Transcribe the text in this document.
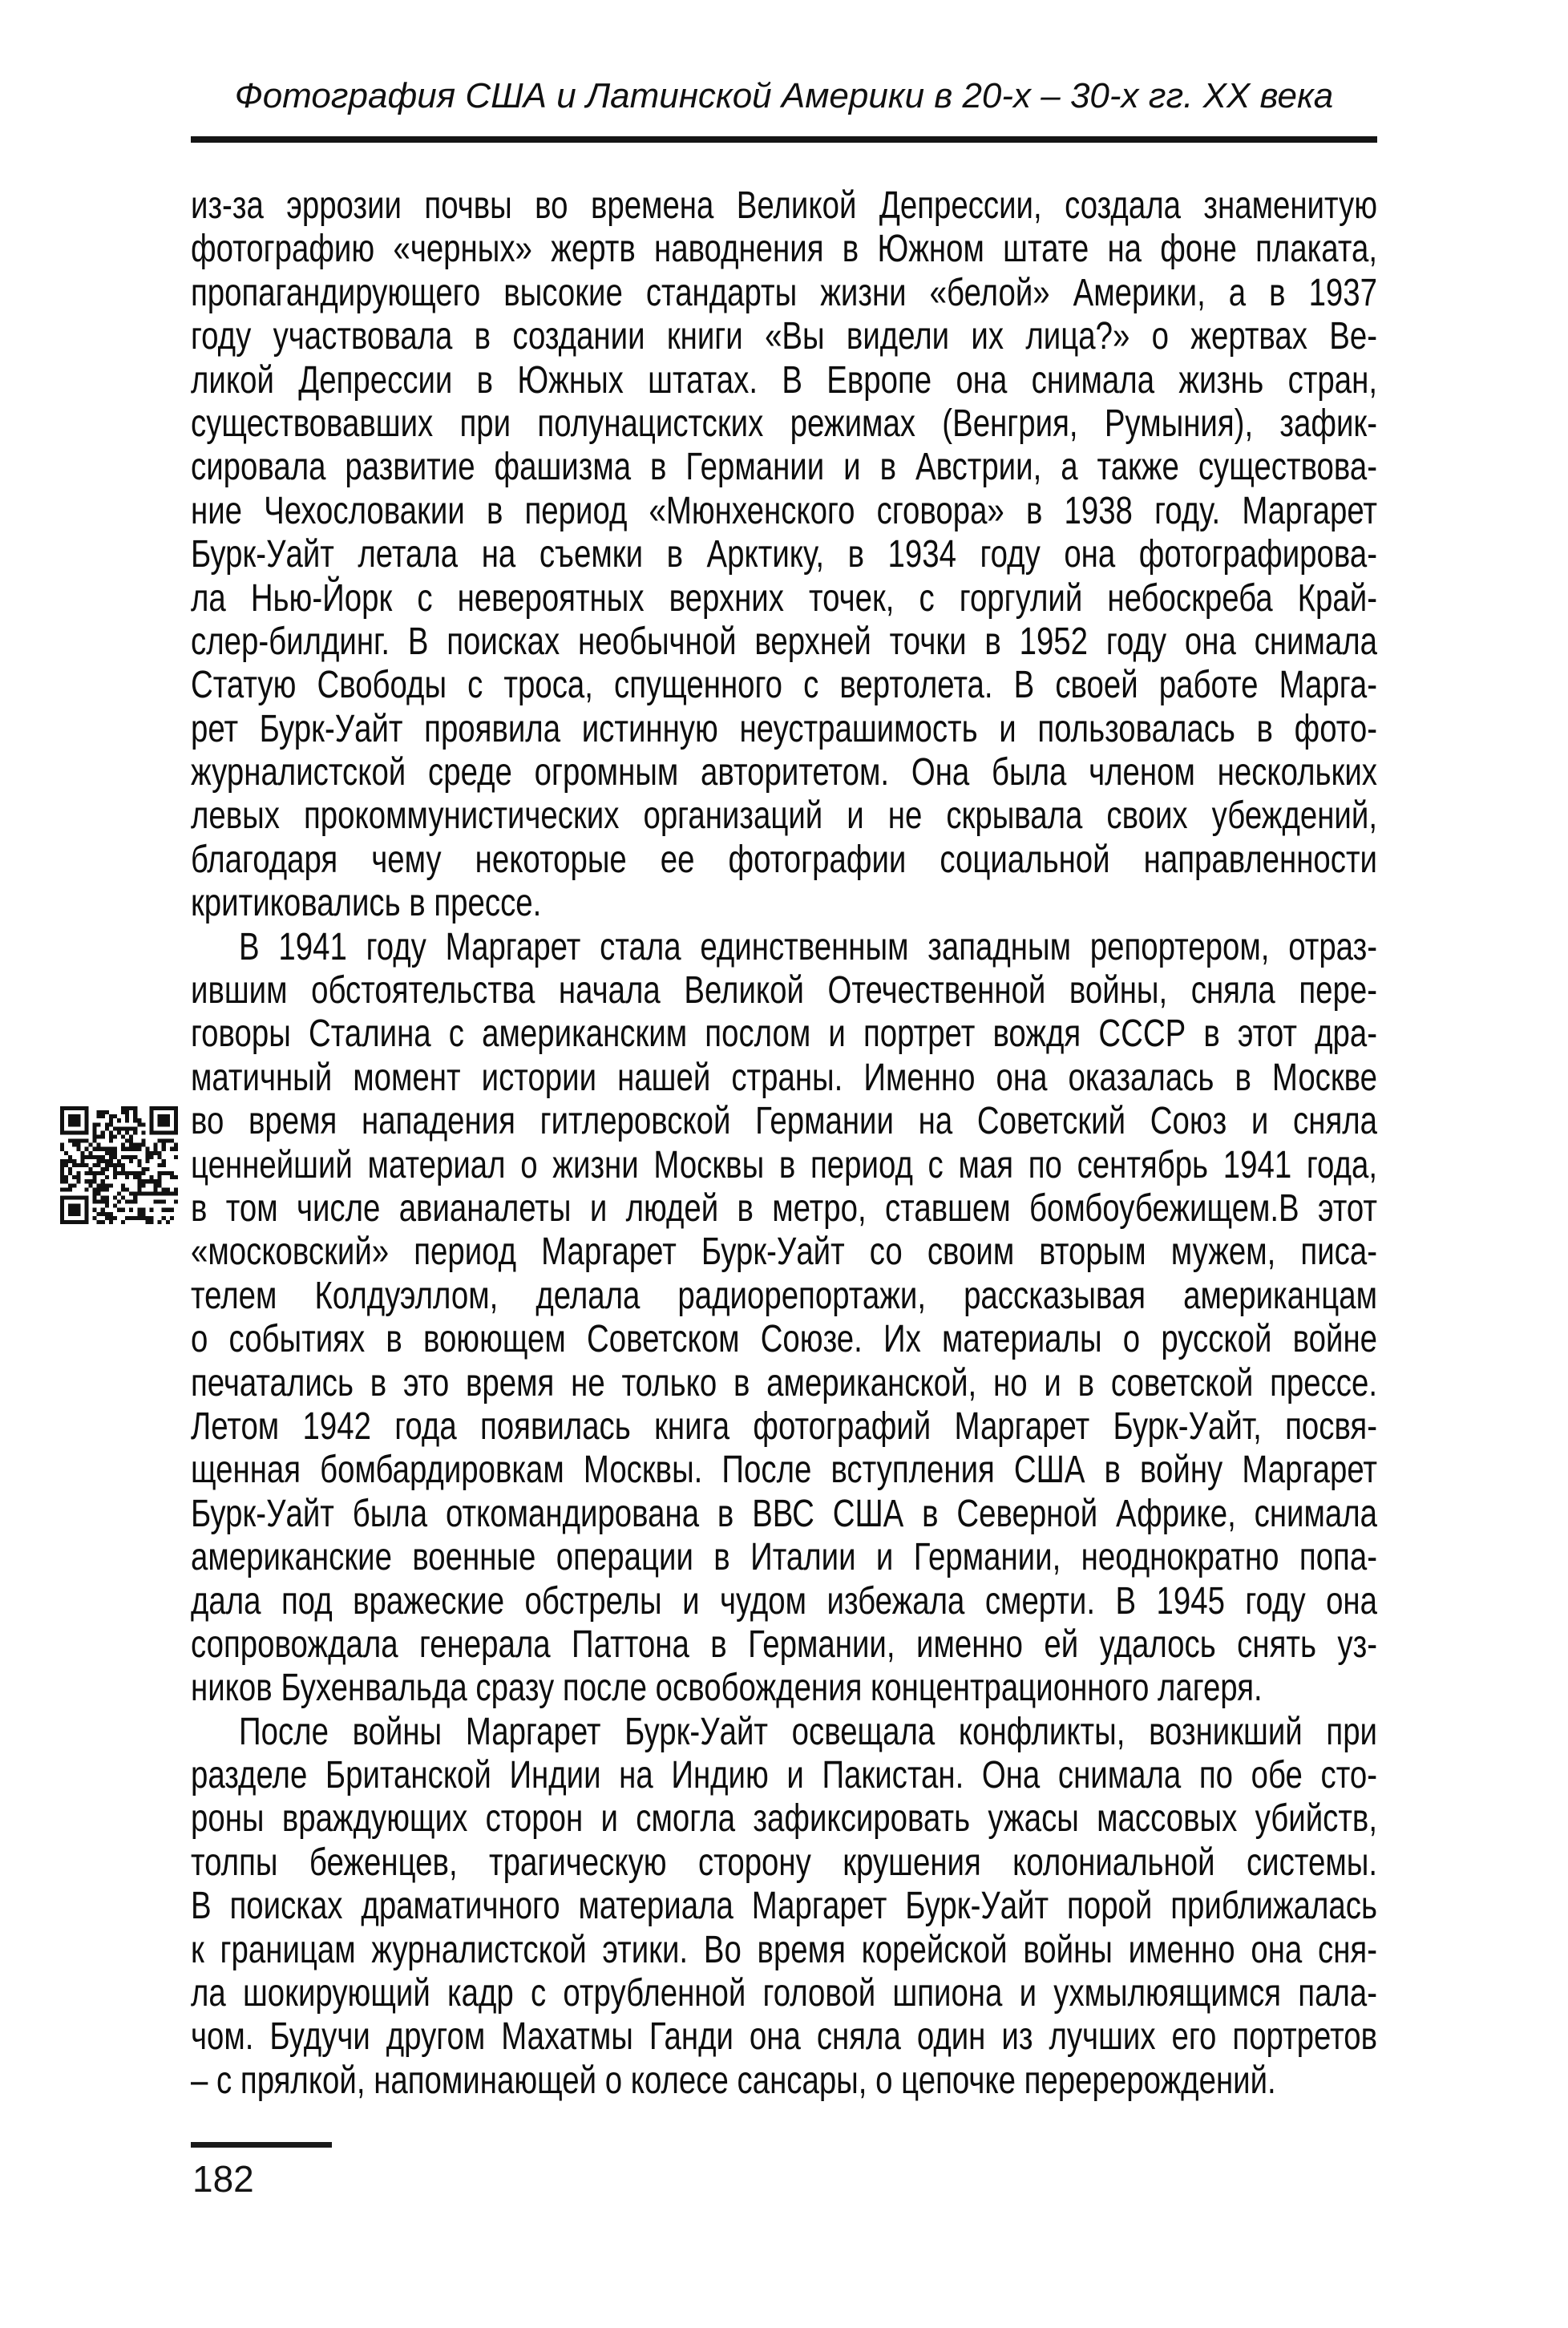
Фотография США и Латинской Америки в 20-х – 30-х гг. XX века
из-за эррозии почвы во времена Великой Депрессии, создала знаменитую
фотографию «черных» жертв наводнения в Южном штате на фоне плаката,
пропагандирующего высокие стандарты жизни «белой» Америки, а в 1937
году участвовала в создании книги «Вы видели их лица?» о жертвах Ве-
ликой Депрессии в Южных штатах. В Европе она снимала жизнь стран,
существовавших при полунацистских режимах (Венгрия, Румыния), зафик-
сировала развитие фашизма в Германии и в Австрии, а также существова-
ние Чехословакии в период «Мюнхенского сговора» в 1938 году. Маргарет
Бурк-Уайт летала на съемки в Арктику, в 1934 году она фотографирова-
ла Нью-Йорк с невероятных верхних точек, с горгулий небоскреба Край-
слер-билдинг. В поисках необычной верхней точки в 1952 году она снимала
Статую Свободы с троса, спущенного с вертолета. В своей работе Марга-
рет Бурк-Уайт проявила истинную неустрашимость и пользовалась в фото-
журналистской среде огромным авторитетом. Она была членом нескольких
левых прокоммунистических организаций и не скрывала своих убеждений,
благодаря чему некоторые ее фотографии социальной направленности
критиковались в прессе.
В 1941 году Маргарет стала единственным западным репортером, отраз-
ившим обстоятельства начала Великой Отечественной войны, сняла пере-
говоры Сталина с американским послом и портрет вождя СССР в этот дра-
матичный момент истории нашей страны. Именно она оказалась в Москве
во время нападения гитлеровской Германии на Советский Союз и сняла
ценнейший материал о жизни Москвы в период с мая по сентябрь 1941 года,
в том числе авианалеты и людей в метро, ставшем бомбоубежищем.В этот
«московский» период Маргарет Бурк-Уайт со своим вторым мужем, писа-
телем Колдуэллом, делала радиорепортажи, рассказывая американцам
о событиях в воюющем Советском Союзе. Их материалы о русской войне
печатались в это время не только в американской, но и в советской прессе.
Летом 1942 года появилась книга фотографий Маргарет Бурк-Уайт, посвя-
щенная бомбардировкам Москвы. После вступления США в войну Маргарет
Бурк-Уайт была откомандирована в ВВС США в Северной Африке, снимала
американские военные операции в Италии и Германии, неоднократно попа-
дала под вражеские обстрелы и чудом избежала смерти. В 1945 году она
сопровождала генерала Паттона в Германии, именно ей удалось снять уз-
ников Бухенвальда сразу после освобождения концентрационного лагеря.
После войны Маргарет Бурк-Уайт освещала конфликты, возникший при
разделе Британской Индии на Индию и Пакистан. Она снимала по обе сто-
роны враждующих сторон и смогла зафиксировать ужасы массовых убийств,
толпы беженцев, трагическую сторону крушения колониальной системы.
В поисках драматичного материала Маргарет Бурк-Уайт порой приближалась
к границам журналистской этики. Во время корейской войны именно она сня-
ла шокирующий кадр с отрубленной головой шпиона и ухмылюящимся пала-
чом. Будучи другом Махатмы Ганди она сняла один из лучших его портретов
– с прялкой, напоминающей о колесе сансары, о цепочке перерерождений.
182
